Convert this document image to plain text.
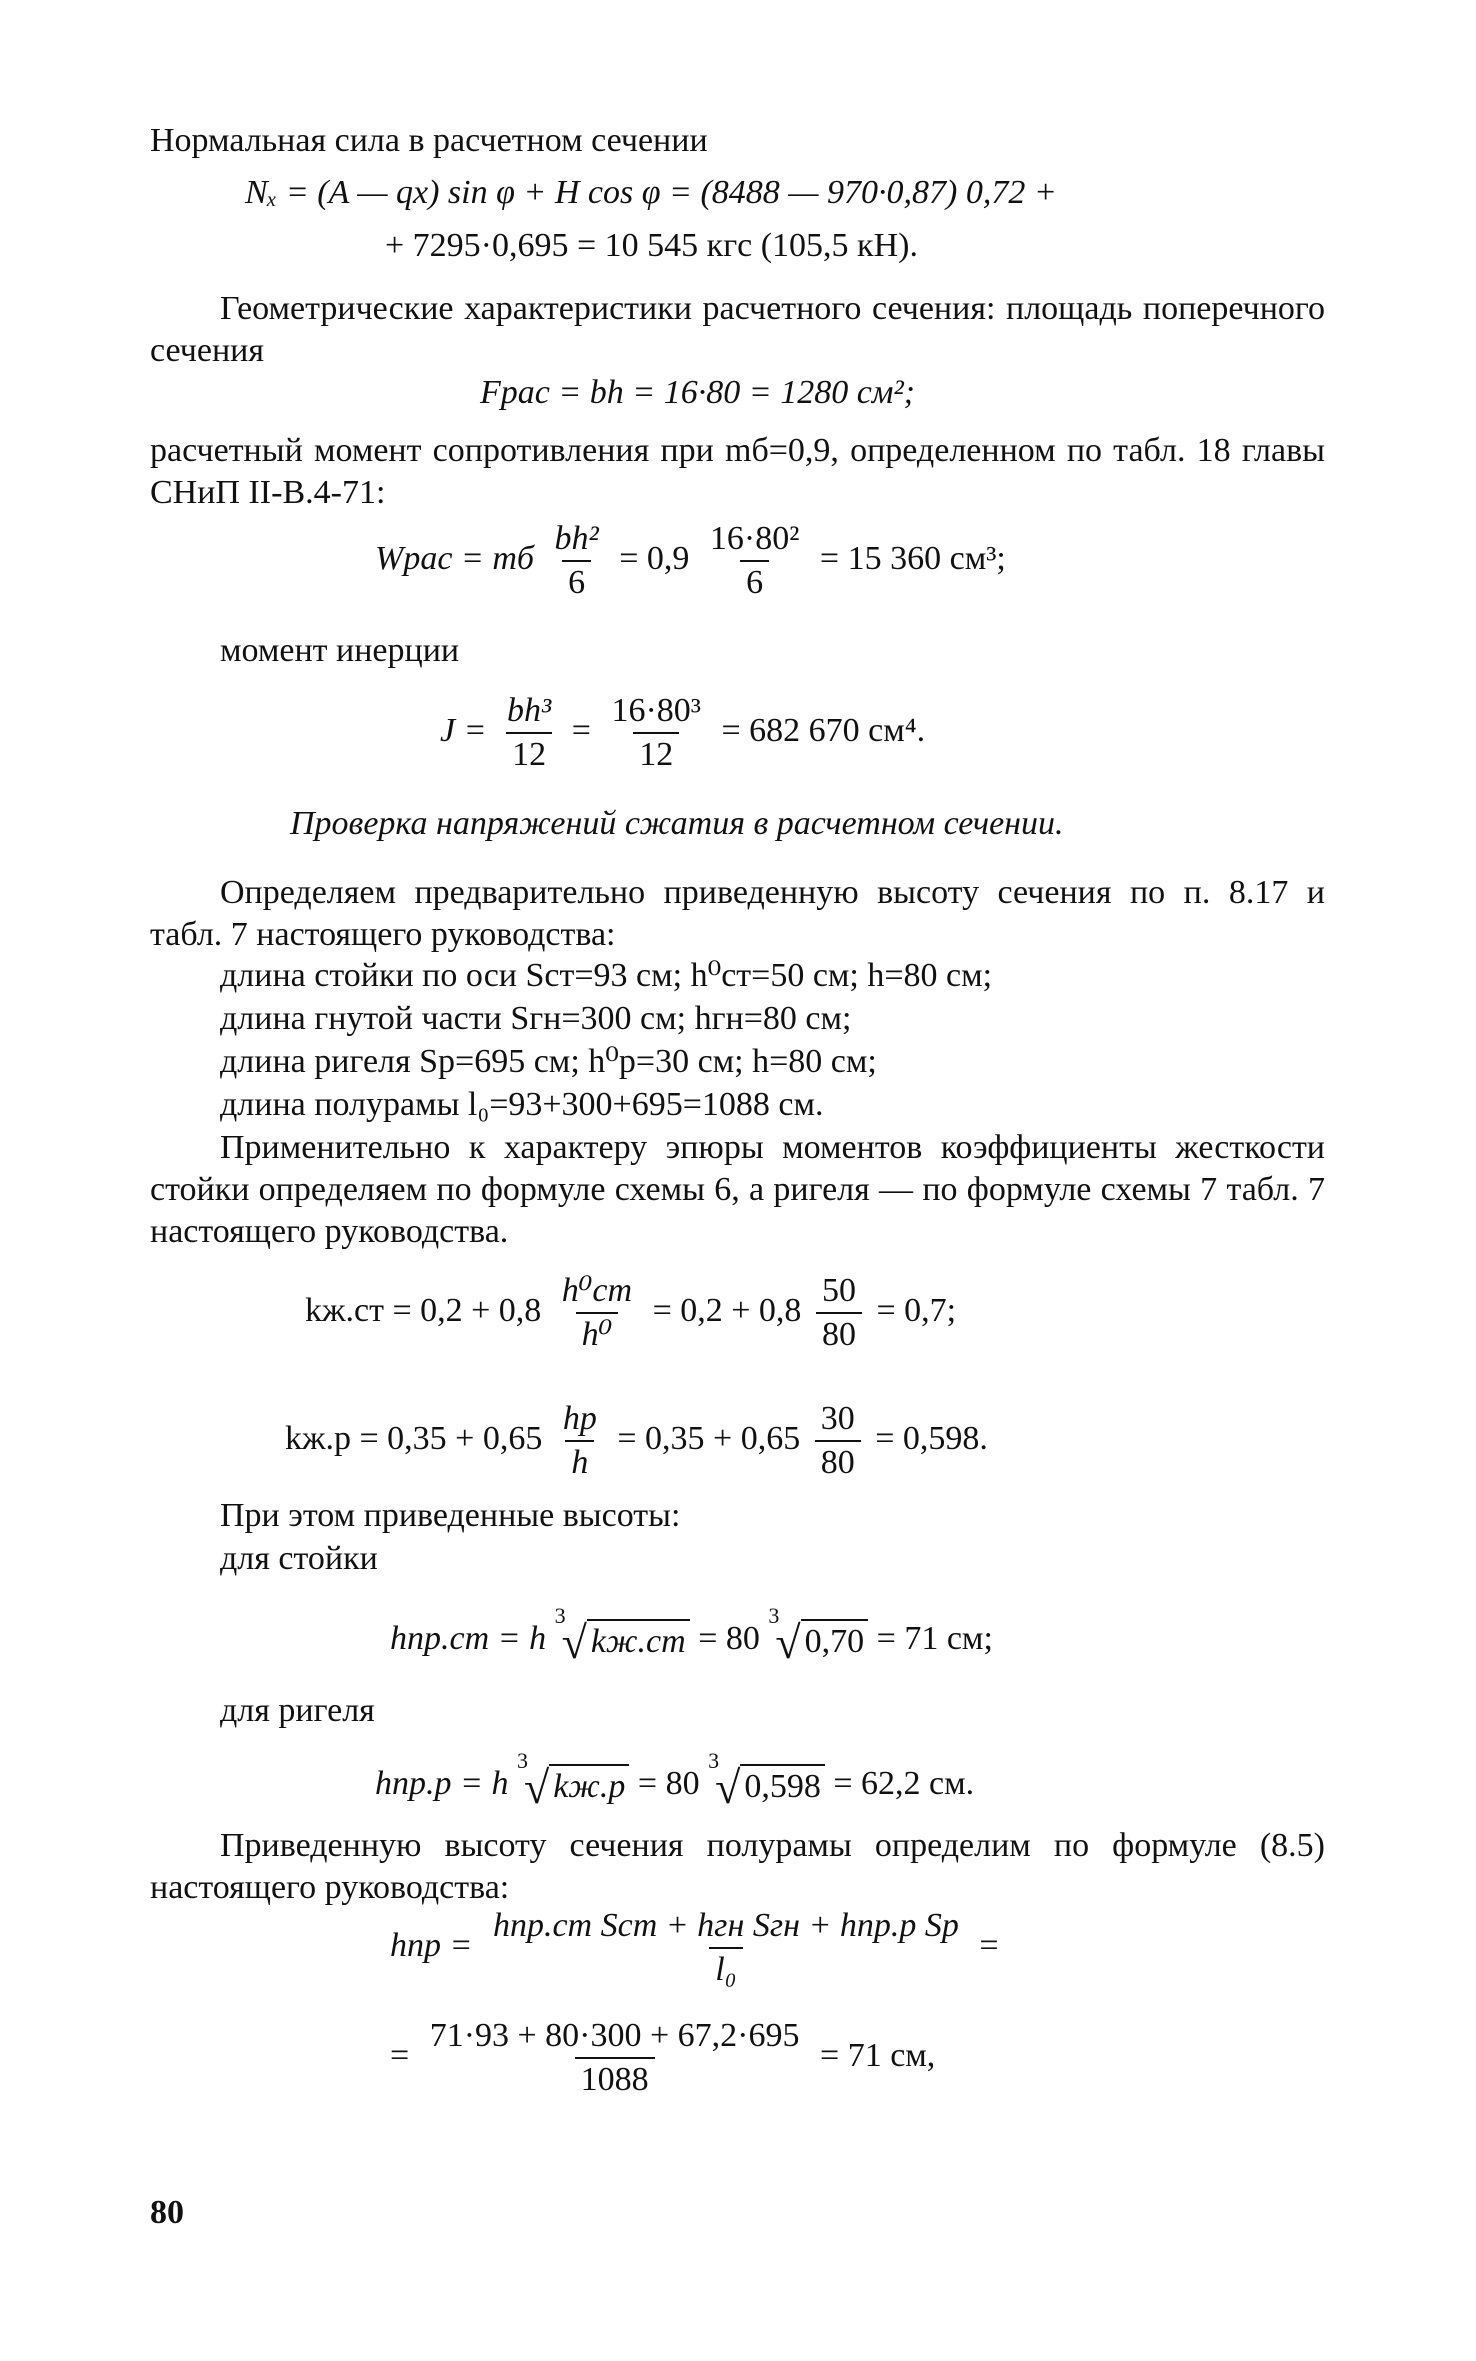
Нормальная сила в расчетном сечении
Nₓ = (A — qx) sin φ + H cos φ = (8488 — 970·0,87) 0,72 +
+ 7295·0,695 = 10 545 кгс (105,5 кН).
Геометрические характеристики расчетного сечения: площадь поперечного сечения
Fрас = bh = 16·80 = 1280 см²;
расчетный момент сопротивления при mб=0,9, определенном по табл. 18 главы СНиП II-В.4-71:
Wрас = mб $\frac{\text{bh²}}{6} = 0,9 \frac{\text{16·80²}}{6} = 15$ 360 см³;
момент инерции
$J = \frac{\text{bh³}}{12} = \frac{\text{16·80³}}{12} = 682$ 670 см⁴.
Проверка напряжений сжатия в расчетном сечении.
Определяем предварительно приведенную высоту сечения по п. 8.17 и табл. 7 настоящего руководства:
длина стойки по оси Sст=93 см; h⁰ст=50 см; h=80 см;
длина гнутой части Sгн=300 см; hгн=80 см;
длина ригеля Sр=695 см; h⁰р=30 см; h=80 см;
длина полурамы l₀=93+300+695=1088 см.
Применительно к характеру эпюры моментов коэффициенты жесткости стойки определяем по формуле схемы 6, а ригеля — по формуле схемы 7 табл. 7 настоящего руководства.
$kж.ст = 0,2 + 0,8 \frac{\text{h⁰ст}}{\text{h⁰}} = 0,2 + 0,8 \frac{50}{80} = 0,7$;
$kж.р = 0,35 + 0,65 \frac{hр}{h} = 0,35 + 0,65 \frac{30}{80} = 0,598$.
При этом приведенные высоты:
для стойки
hпр.ст = h
3
√ kж.ст = 80
3
√ 0,70 = 71 см;
для ригеля
hпр.р = h
3
√ kж.р = 80
3
√ 0,598 = 62,2 см.
Приведенную высоту сечения полурамы определим по формуле (8.5) настоящего руководства:
hпр = $\frac{\text{hпр.ст Sст + hгн Sгн + hпр.р Sр}}{\text{l₀}}$ =
= $\frac{71\cdot 93 + 80\cdot 300 + 67,2\cdot 695}{1088} = 71$ см,
80
